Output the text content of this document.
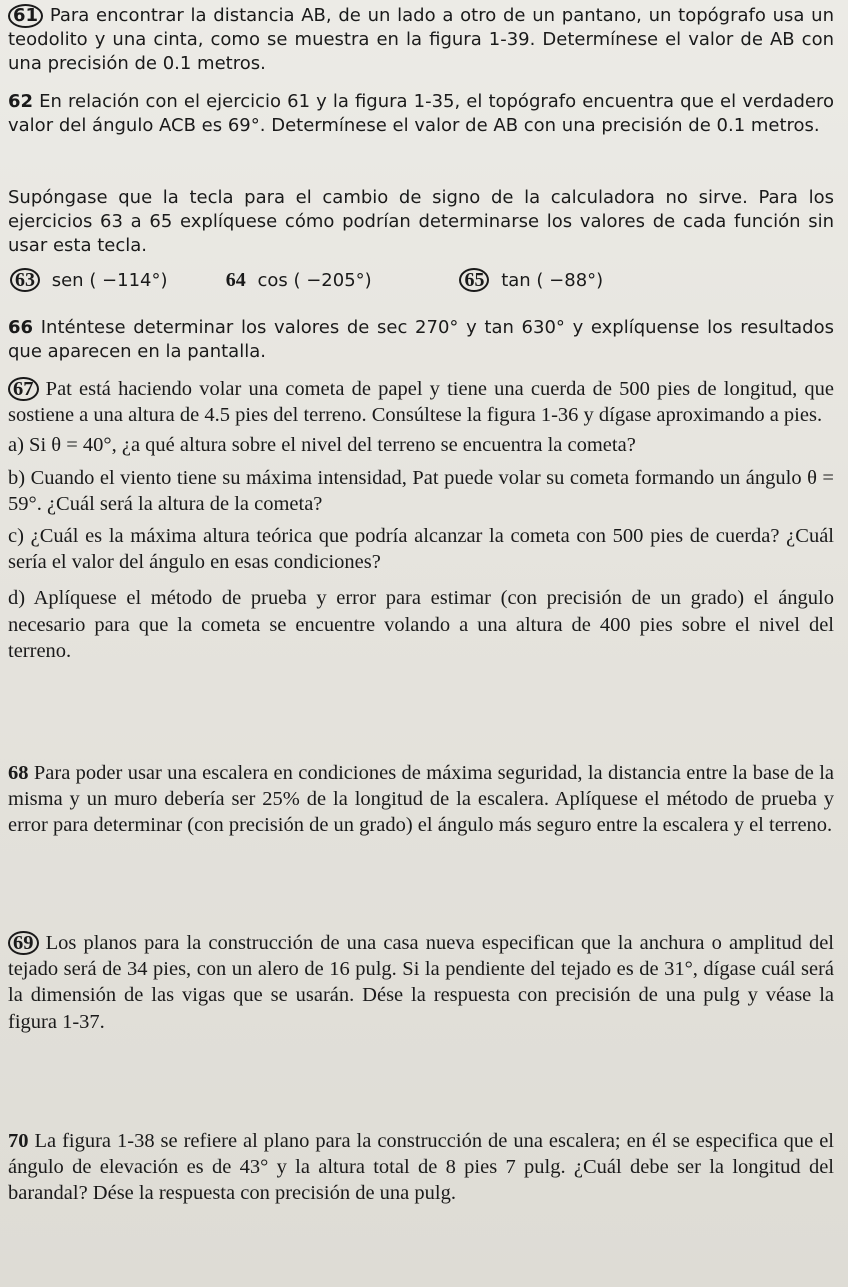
61 Para encontrar la distancia AB, de un lado a otro de un pantano, un topógrafo usa un teodolito y una cinta, como se muestra en la figura 1-39. Determínese el valor de AB con una precisión de 0.1 metros.

62 En relación con el ejercicio 61 y la figura 1-35, el topógrafo encuentra que el verdadero valor del ángulo ACB es 69°. Determínese el valor de AB con una precisión de 0.1 metros.

Supóngase que la tecla para el cambio de signo de la calculadora no sirve. Para los ejercicios 63 a 65 explíquese cómo podrían determinarse los valores de cada función sin usar esta tecla.

63 sen ( −114°)	64 cos ( −205°)	65 tan ( −88°)

66 Inténtese determinar los valores de sec 270° y tan 630° y explíquense los resultados que aparecen en la pantalla.

67 Pat está haciendo volar una cometa de papel y tiene una cuerda de 500 pies de longitud, que sostiene a una altura de 4.5 pies del terreno. Consúltese la figura 1-36 y dígase aproximando a pies.

a) Si θ = 40°, ¿a qué altura sobre el nivel del terreno se encuentra la cometa?

b) Cuando el viento tiene su máxima intensidad, Pat puede volar su cometa formando un ángulo θ = 59°. ¿Cuál será la altura de la cometa?

c) ¿Cuál es la máxima altura teórica que podría alcanzar la cometa con 500 pies de cuerda? ¿Cuál sería el valor del ángulo en esas condiciones?

d) Aplíquese el método de prueba y error para estimar (con precisión de un grado) el ángulo necesario para que la cometa se encuentre volando a una altura de 400 pies sobre el nivel del terreno.

68 Para poder usar una escalera en condiciones de máxima seguridad, la distancia entre la base de la misma y un muro debería ser 25% de la longitud de la escalera. Aplíquese el método de prueba y error para determinar (con precisión de un grado) el ángulo más seguro entre la escalera y el terreno.

69 Los planos para la construcción de una casa nueva especifican que la anchura o amplitud del tejado será de 34 pies, con un alero de 16 pulg. Si la pendiente del tejado es de 31°, dígase cuál será la dimensión de las vigas que se usarán. Dése la respuesta con precisión de una pulg y véase la figura 1-37.

70 La figura 1-38 se refiere al plano para la construcción de una escalera; en él se especifica que el ángulo de elevación es de 43° y la altura total de 8 pies 7 pulg. ¿Cuál debe ser la longitud del barandal? Dése la respuesta con precisión de una pulg.
